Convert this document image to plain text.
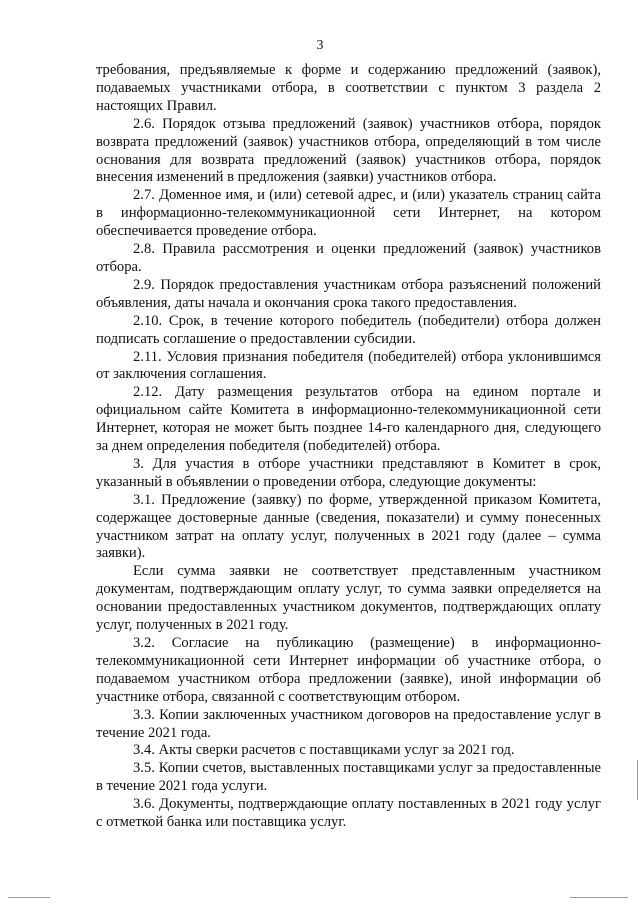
3

требования, предъявляемые к форме и содержанию предложений (заявок), подаваемых участниками отбора, в соответствии с пунктом 3 раздела 2 настоящих Правил.

2.6. Порядок отзыва предложений (заявок) участников отбора, порядок возврата предложений (заявок) участников отбора, определяющий в том числе основания для возврата предложений (заявок) участников отбора, порядок внесения изменений в предложения (заявки) участников отбора.

2.7. Доменное имя, и (или) сетевой адрес, и (или) указатель страниц сайта в информационно-телекоммуникационной сети Интернет, на котором обеспечивается проведение отбора.

2.8. Правила рассмотрения и оценки предложений (заявок) участников отбора.

2.9. Порядок предоставления участникам отбора разъяснений положений объявления, даты начала и окончания срока такого предоставления.

2.10. Срок, в течение которого победитель (победители) отбора должен подписать соглашение о предоставлении субсидии.

2.11. Условия признания победителя (победителей) отбора уклонившимся от заключения соглашения.

2.12. Дату размещения результатов отбора на едином портале и официальном сайте Комитета в информационно-телекоммуникационной сети Интернет, которая не может быть позднее 14-го календарного дня, следующего за днем определения победителя (победителей) отбора.

3. Для участия в отборе участники представляют в Комитет в срок, указанный в объявлении о проведении отбора, следующие документы:

3.1. Предложение (заявку) по форме, утвержденной приказом Комитета, содержащее достоверные данные (сведения, показатели) и сумму понесенных участником затрат на оплату услуг, полученных в 2021 году (далее – сумма заявки).

Если сумма заявки не соответствует представленным участником документам, подтверждающим оплату услуг, то сумма заявки определяется на основании предоставленных участником документов, подтверждающих оплату услуг, полученных в 2021 году.

3.2. Согласие на публикацию (размещение) в информационно-телекоммуникационной сети Интернет информации об участнике отбора, о подаваемом участником отбора предложении (заявке), иной информации об участнике отбора, связанной с соответствующим отбором.

3.3. Копии заключенных участником договоров на предоставление услуг в течение 2021 года.

3.4. Акты сверки расчетов с поставщиками услуг за 2021 год.

3.5. Копии счетов, выставленных поставщиками услуг за предоставленные в течение 2021 года услуги.

3.6. Документы, подтверждающие оплату поставленных в 2021 году услуг с отметкой банка или поставщика услуг.
